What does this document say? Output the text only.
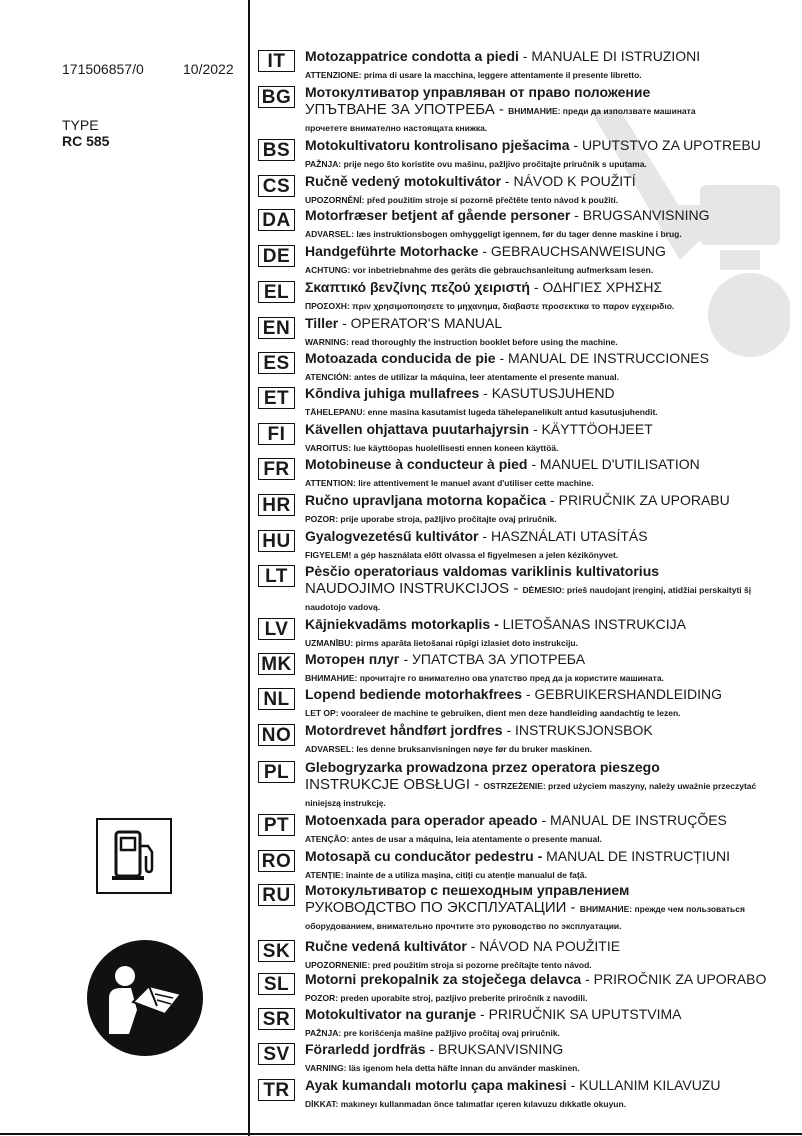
171506857/0	10/2022
TYPE
RC 585
IT	Motozappatrice condotta a piedi - MANUALE DI ISTRUZIONI
ATTENZIONE: prima di usare la macchina, leggere attentamente il presente libretto.
BG Мотокултиватор управляван от право положение
УПЪТВАНЕ ЗА УПОТРЕБА - ВНИМАНИЕ: преди да използвате машината
прочетете внимателно настоящата книжка.
BS	Motokultivatoru kontrolisano pješacima - UPUTSTVO ZA UPOTREBU
PAŽNJA: prije nego što koristite ovu mašinu, pažljivo pročitajte priručnik s uputama.
CS	Ručně vedený motokultivátor - NÁVOD K POUŽITÍ
UPOZORNĚNÍ: před použitím stroje si pozorně přečtěte tento návod k použití.
DA	Motorfræser betjent af gående personer - BRUGSANVISNING
ADVARSEL: læs instruktionsbogen omhyggeligt igennem, før du tager denne maskine i brug.
DE	Handgeführte Motorhacke - GEBRAUCHSANWEISUNG
ACHTUNG: vor inbetriebnahme des geräts die gebrauchsanleitung aufmerksam lesen.
EL	Σκαπτικό βενζίνης πεζού χειριστή - ΟΔΗΓΙΕΣ ΧΡΗΣΗΣ
ΠΡΟΣΟΧΗ: πριν χρησιμοποιησετε το μηχανημα, διαβαστε προσεκτικα το παρον εγχειριδιο.
EN	Tiller - OPERATOR'S MANUAL
WARNING: read thoroughly the instruction booklet before using the machine.
ES	Motoazada conducida de pie - MANUAL DE INSTRUCCIONES
ATENCIÓN: antes de utilizar la máquina, leer atentamente el presente manual.
ET	Kõndiva juhiga mullafrees - KASUTUSJUHEND
TÄHELEPANU: enne masina kasutamist lugeda tähelepanelikult antud kasutusjuhendit.
FI	Kävellen ohjattava puutarhajyrsin - KÄYTTÖOHJEET
VAROITUS: lue käyttöopas huolellisesti ennen koneen käyttöä.
FR	Motobineuse à conducteur à pied - MANUEL D'UTILISATION
ATTENTION: lire attentivement le manuel avant d'utiliser cette machine.
HR	Ručno upravljana motorna kopačica - PRIRUČNIK ZA UPORABU
POZOR: prije uporabe stroja, pažljivo pročitajte ovaj priručnik.
HU	Gyalogvezetésű kultivátor - HASZNÁLATI UTASÍTÁS
FIGYELEM! a gép használata előtt olvassa el figyelmesen a jelen kézikönyvet.
LT	Pėsčio operatoriaus valdomas variklinis kultivatorius
NAUDOJIMO INSTRUKCIJOS - DĖMESIO: prieš naudojant įrenginį, atidžiai perskaityti šį
naudotojo vadovą.
LV	Kājniekvadāms motorkaplis - LIETOŠANAS INSTRUKCIJA
UZMANĪBU: pirms aparāta lietošanai rūpīgi izlasiet doto instrukciju.
MK Моторен плуг - УПАТСТВА ЗА УПОТРЕБА
ВНИМАНИЕ: прочитајте го внимателно ова упатство пред да ја користите машината.
NL	Lopend bediende motorhakfrees - GEBRUIKERSHANDLEIDING
LET OP: vooraleer de machine te gebruiken, dient men deze handleiding aandachtig te lezen.
NO Motordrevet håndført jordfres - INSTRUKSJONSBOK
ADVARSEL: les denne bruksanvisningen nøye før du bruker maskinen.
PL	Glebogryzarka prowadzona przez operatora pieszego
INSTRUKCJE OBSŁUGI - OSTRZEŻENIE: przed użyciem maszyny, należy uważnie przeczytać
niniejszą instrukcję.
PT	Motoenxada para operador apeado - MANUAL DE INSTRUÇÕES
ATENÇÃO: antes de usar a máquina, leia atentamente o presente manual.
RO Motosapă cu conducător pedestru - MANUAL DE INSTRUCȚIUNI
ATENȚIE: înainte de a utiliza mașina, citiți cu atenție manualul de față.
RU	Мотокультиватор с пешеходным управлением
РУКОВОДСТВО ПО ЭКСПЛУАТАЦИИ - ВНИМАНИЕ: прежде чем пользоваться
оборудованием, внимательно прочтите это руководство по эксплуатации.
SK	Ručne vedená kultivátor - NÁVOD NA POUŽITIE
UPOZORNENIE: pred použitím stroja si pozorne prečítajte tento návod.
SL	Motorni prekopalnik za stoječega delavca - PRIROČNIK ZA UPORABO
POZOR: preden uporabite stroj, pazljivo preberite priročnik z navodili.
SR	Motokultivator na guranje - PRIRUČNIK SA UPUTSTVIMA
PAŽNJA: pre korišćenja mašine pažljivo pročitaj ovaj priručnik.
SV	Förarledd jordfräs - BRUKSANVISNING
VARNING: läs igenom hela detta häfte innan du använder maskinen.
TR	Ayak kumandalı motorlu çapa makinesi - KULLANIM KILAVUZU
DİKKAT: makıneyı kullanmadan önce talımatlar ıçeren kılavuzu dıkkatle okuyun.
